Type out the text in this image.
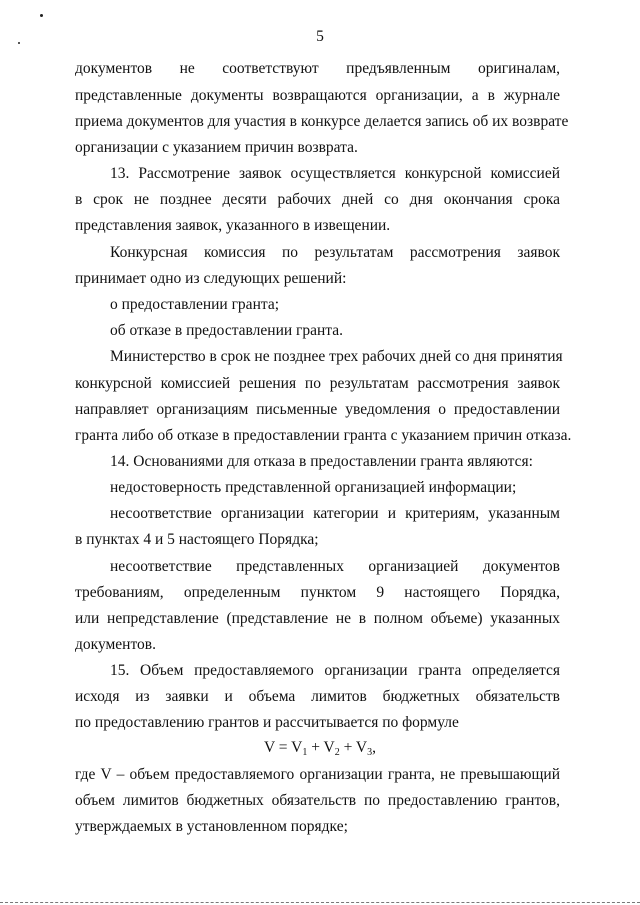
5
документов не соответствуют предъявленным оригиналам,
представленные документы возвращаются организации, а в журнале
приема документов для участия в конкурсе делается запись об их возврате
организации с указанием причин возврата.
13. Рассмотрение заявок осуществляется конкурсной комиссией
в срок не позднее десяти рабочих дней со дня окончания срока
представления заявок, указанного в извещении.
Конкурсная комиссия по результатам рассмотрения заявок
принимает одно из следующих решений:
о предоставлении гранта;
об отказе в предоставлении гранта.
Министерство в срок не позднее трех рабочих дней со дня принятия
конкурсной комиссией решения по результатам рассмотрения заявок
направляет организациям письменные уведомления о предоставлении
гранта либо об отказе в предоставлении гранта с указанием причин отказа.
14. Основаниями для отказа в предоставлении гранта являются:
недостоверность представленной организацией информации;
несоответствие организации категории и критериям, указанным
в пунктах 4 и 5 настоящего Порядка;
несоответствие представленных организацией документов
требованиям, определенным пунктом 9 настоящего Порядка,
или непредставление (представление не в полном объеме) указанных
документов.
15. Объем предоставляемого организации гранта определяется
исходя из заявки и объема лимитов бюджетных обязательств
по предоставлению грантов и рассчитывается по формуле
$V = V_1 + V_2 + V_3$,
где V – объем предоставляемого организации гранта, не превышающий
объем лимитов бюджетных обязательств по предоставлению грантов,
утверждаемых в установленном порядке;
